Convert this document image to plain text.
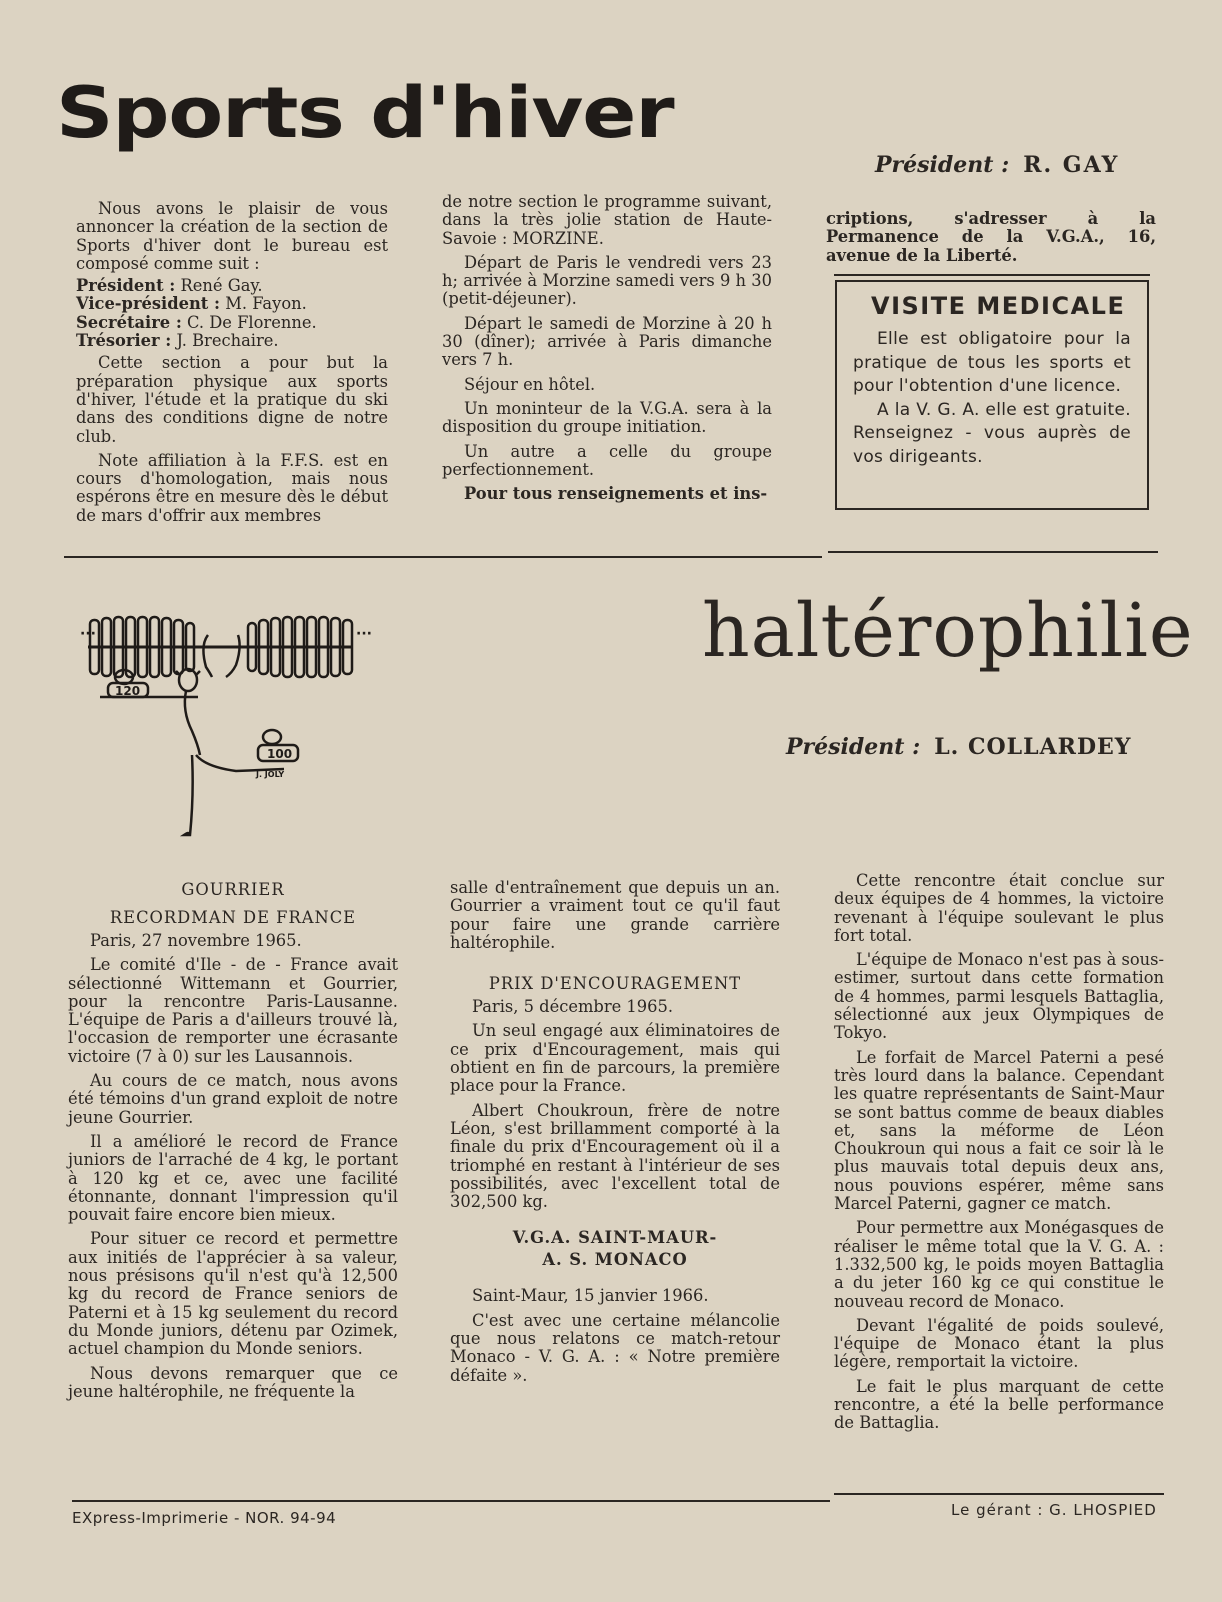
Sports d'hiver
Président : R. GAY

Nous avons le plaisir de vous annoncer la création de la section de Sports d'hiver dont le bureau est composé comme suit :

Président : René Gay.
Vice-président : M. Fayon.
Secrétaire : C. De Florenne.
Trésorier : J. Brechaire.

Cette section a pour but la préparation physique aux sports d'hiver, l'étude et la pratique du ski dans des conditions digne de notre club.

Note affiliation à la F.F.S. est en cours d'homologation, mais nous espérons être en mesure dès le début de mars d'offrir aux membres

de notre section le programme suivant, dans la très jolie station de Haute-Savoie : MORZINE.

Départ de Paris le vendredi vers 23 h; arrivée à Morzine samedi vers 9 h 30 (petit-déjeuner).

Départ le samedi de Morzine à 20 h 30 (dîner); arrivée à Paris dimanche vers 7 h.

Séjour en hôtel.

Un moninteur de la V.G.A. sera à la disposition du groupe initiation.

Un autre a celle du groupe perfectionnement.

Pour tous renseignements et ins-

criptions, s'adresser à la Permanence de la V.G.A., 16, avenue de la Liberté.

VISITE MEDICALE

Elle est obligatoire pour la pratique de tous les sports et pour l'obtention d'une licence.

A la V. G. A. elle est gratuite. Renseignez - vous auprès de vos dirigeants.

···	···
120
100
J. JOLY
haltérophilie
Président : L. COLLARDEY
GOURRIER
RECORDMAN DE FRANCE

Paris, 27 novembre 1965.

Le comité d'Ile - de - France avait sélectionné Wittemann et Gourrier, pour la rencontre Paris-Lausanne. L'équipe de Paris a d'ailleurs trouvé là, l'occasion de remporter une écrasante victoire (7 à 0) sur les Lausannois.

Au cours de ce match, nous avons été témoins d'un grand exploit de notre jeune Gourrier.

Il a amélioré le record de France juniors de l'arraché de 4 kg, le portant à 120 kg et ce, avec une facilité étonnante, donnant l'impression qu'il pouvait faire encore bien mieux.

Pour situer ce record et permettre aux initiés de l'apprécier à sa valeur, nous présisons qu'il n'est qu'à 12,500 kg du record de France seniors de Paterni et à 15 kg seulement du record du Monde juniors, détenu par Ozimek, actuel champion du Monde seniors.

Nous devons remarquer que ce jeune haltérophile, ne fréquente la

salle d'entraînement que depuis un an. Gourrier a vraiment tout ce qu'il faut pour faire une grande carrière haltérophile.

PRIX D'ENCOURAGEMENT

Paris, 5 décembre 1965.

Un seul engagé aux éliminatoires de ce prix d'Encouragement, mais qui obtient en fin de parcours, la première place pour la France.

Albert Choukroun, frère de notre Léon, s'est brillamment comporté à la finale du prix d'Encouragement où il a triomphé en restant à l'intérieur de ses possibilités, avec l'excellent total de 302,500 kg.

V.G.A. SAINT-MAUR-
A. S. MONACO

Saint-Maur, 15 janvier 1966.

C'est avec une certaine mélancolie que nous relatons ce match-retour Monaco - V. G. A. : « Notre première défaite ».

Cette rencontre était conclue sur deux équipes de 4 hommes, la victoire revenant à l'équipe soulevant le plus fort total.

L'équipe de Monaco n'est pas à sous-estimer, surtout dans cette formation de 4 hommes, parmi lesquels Battaglia, sélectionné aux jeux Olympiques de Tokyo.

Le forfait de Marcel Paterni a pesé très lourd dans la balance. Cependant les quatre représentants de Saint-Maur se sont battus comme de beaux diables et, sans la méforme de Léon Choukroun qui nous a fait ce soir là le plus mauvais total depuis deux ans, nous pouvions espérer, même sans Marcel Paterni, gagner ce match.

Pour permettre aux Monégasques de réaliser le même total que la V. G. A. : 1.332,500 kg, le poids moyen Battaglia a du jeter 160 kg ce qui constitue le nouveau record de Monaco.

Devant l'égalité de poids soulevé, l'équipe de Monaco étant la plus légère, remportait la victoire.

Le fait le plus marquant de cette rencontre, a été la belle performance de Battaglia.

EXpress-Imprimerie - NOR. 94-94	Le gérant : G. LHOSPIED
